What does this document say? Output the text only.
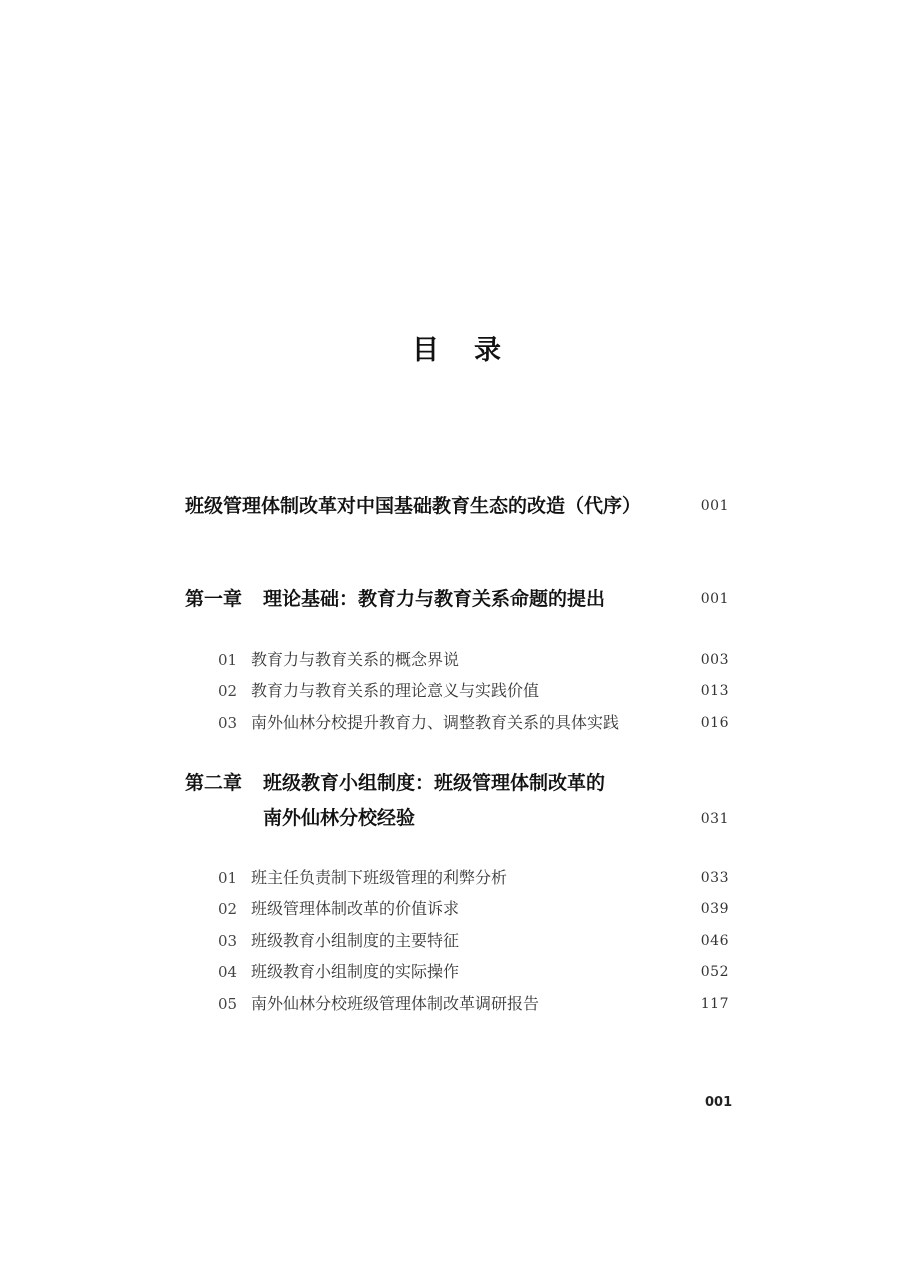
目 录
班级管理体制改革对中国基础教育生态的改造（代序）	001
第一章 理论基础：教育力与教育关系命题的提出	001
01 教育力与教育关系的概念界说	003
02 教育力与教育关系的理论意义与实践价值	013
03 南外仙林分校提升教育力、调整教育关系的具体实践	016
第二章 班级教育小组制度：班级管理体制改革的
南外仙林分校经验	031
01 班主任负责制下班级管理的利弊分析	033
02 班级管理体制改革的价值诉求	039
03 班级教育小组制度的主要特征	046
04 班级教育小组制度的实际操作	052
05 南外仙林分校班级管理体制改革调研报告	117
001
